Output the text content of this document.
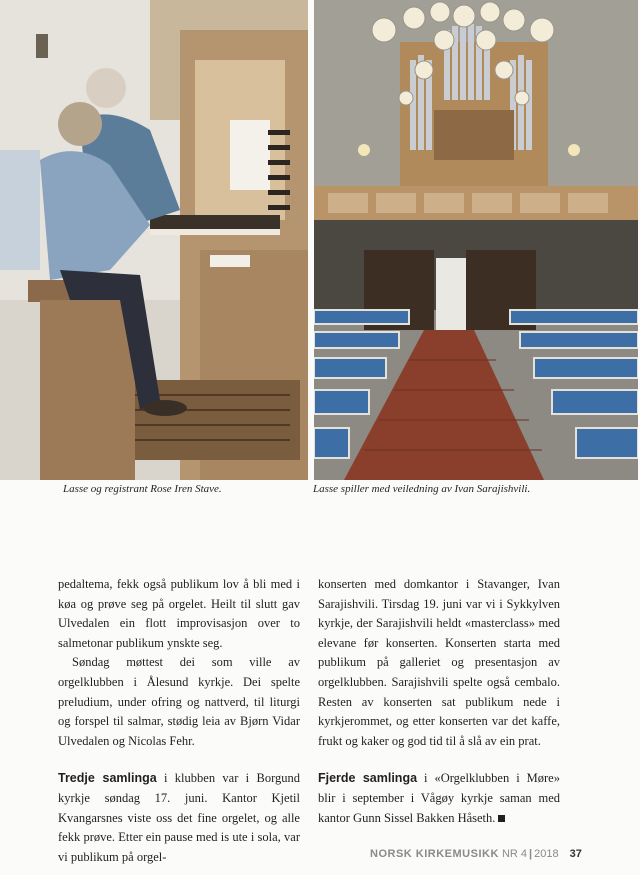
Lasse og registrant Rose Iren Stave.	Lasse spiller med veiledning av Ivan Sarajishvili.

pedaltema, fekk også publikum lov å bli med i køa og prøve seg på orgelet. Heilt til slutt gav Ulvedalen ein flott improvisasjon over to salmetonar publikum ynskte seg.

Søndag møttest dei som ville av orgelklubben i Ålesund kyrkje. Dei spelte preludium, under ofring og nattverd, til liturgi og forspel til salmar, stødig leia av Bjørn Vidar Ulvedalen og Nicolas Fehr.

Tredje samlinga i klubben var i Borgund kyrkje søndag 17. juni. Kantor Kjetil Kvangarsnes viste oss det fine orgelet, og alle fekk prøve. Etter ein pause med is ute i sola, var vi publikum på orgel-

konserten med domkantor i Stavanger, Ivan Sarajishvili. Tirsdag 19. juni var vi i Sykkylven kyrkje, der Sarajishvili heldt «masterclass» med elevane før konserten. Konserten starta med publikum på galleriet og presentasjon av orgelklubben. Sarajishvili spelte også cembalo. Resten av konserten sat publikum nede i kyrkjerommet, og etter konserten var det kaffe, frukt og kaker og god tid til å slå av ein prat.

Fjerde samlinga i «Orgelklubben i Møre» blir i september i Vågøy kyrkje saman med kantor Gunn Sissel Bakken Håseth.

NORSK KIRKEMUSIKK NR 4 | 2018 37
